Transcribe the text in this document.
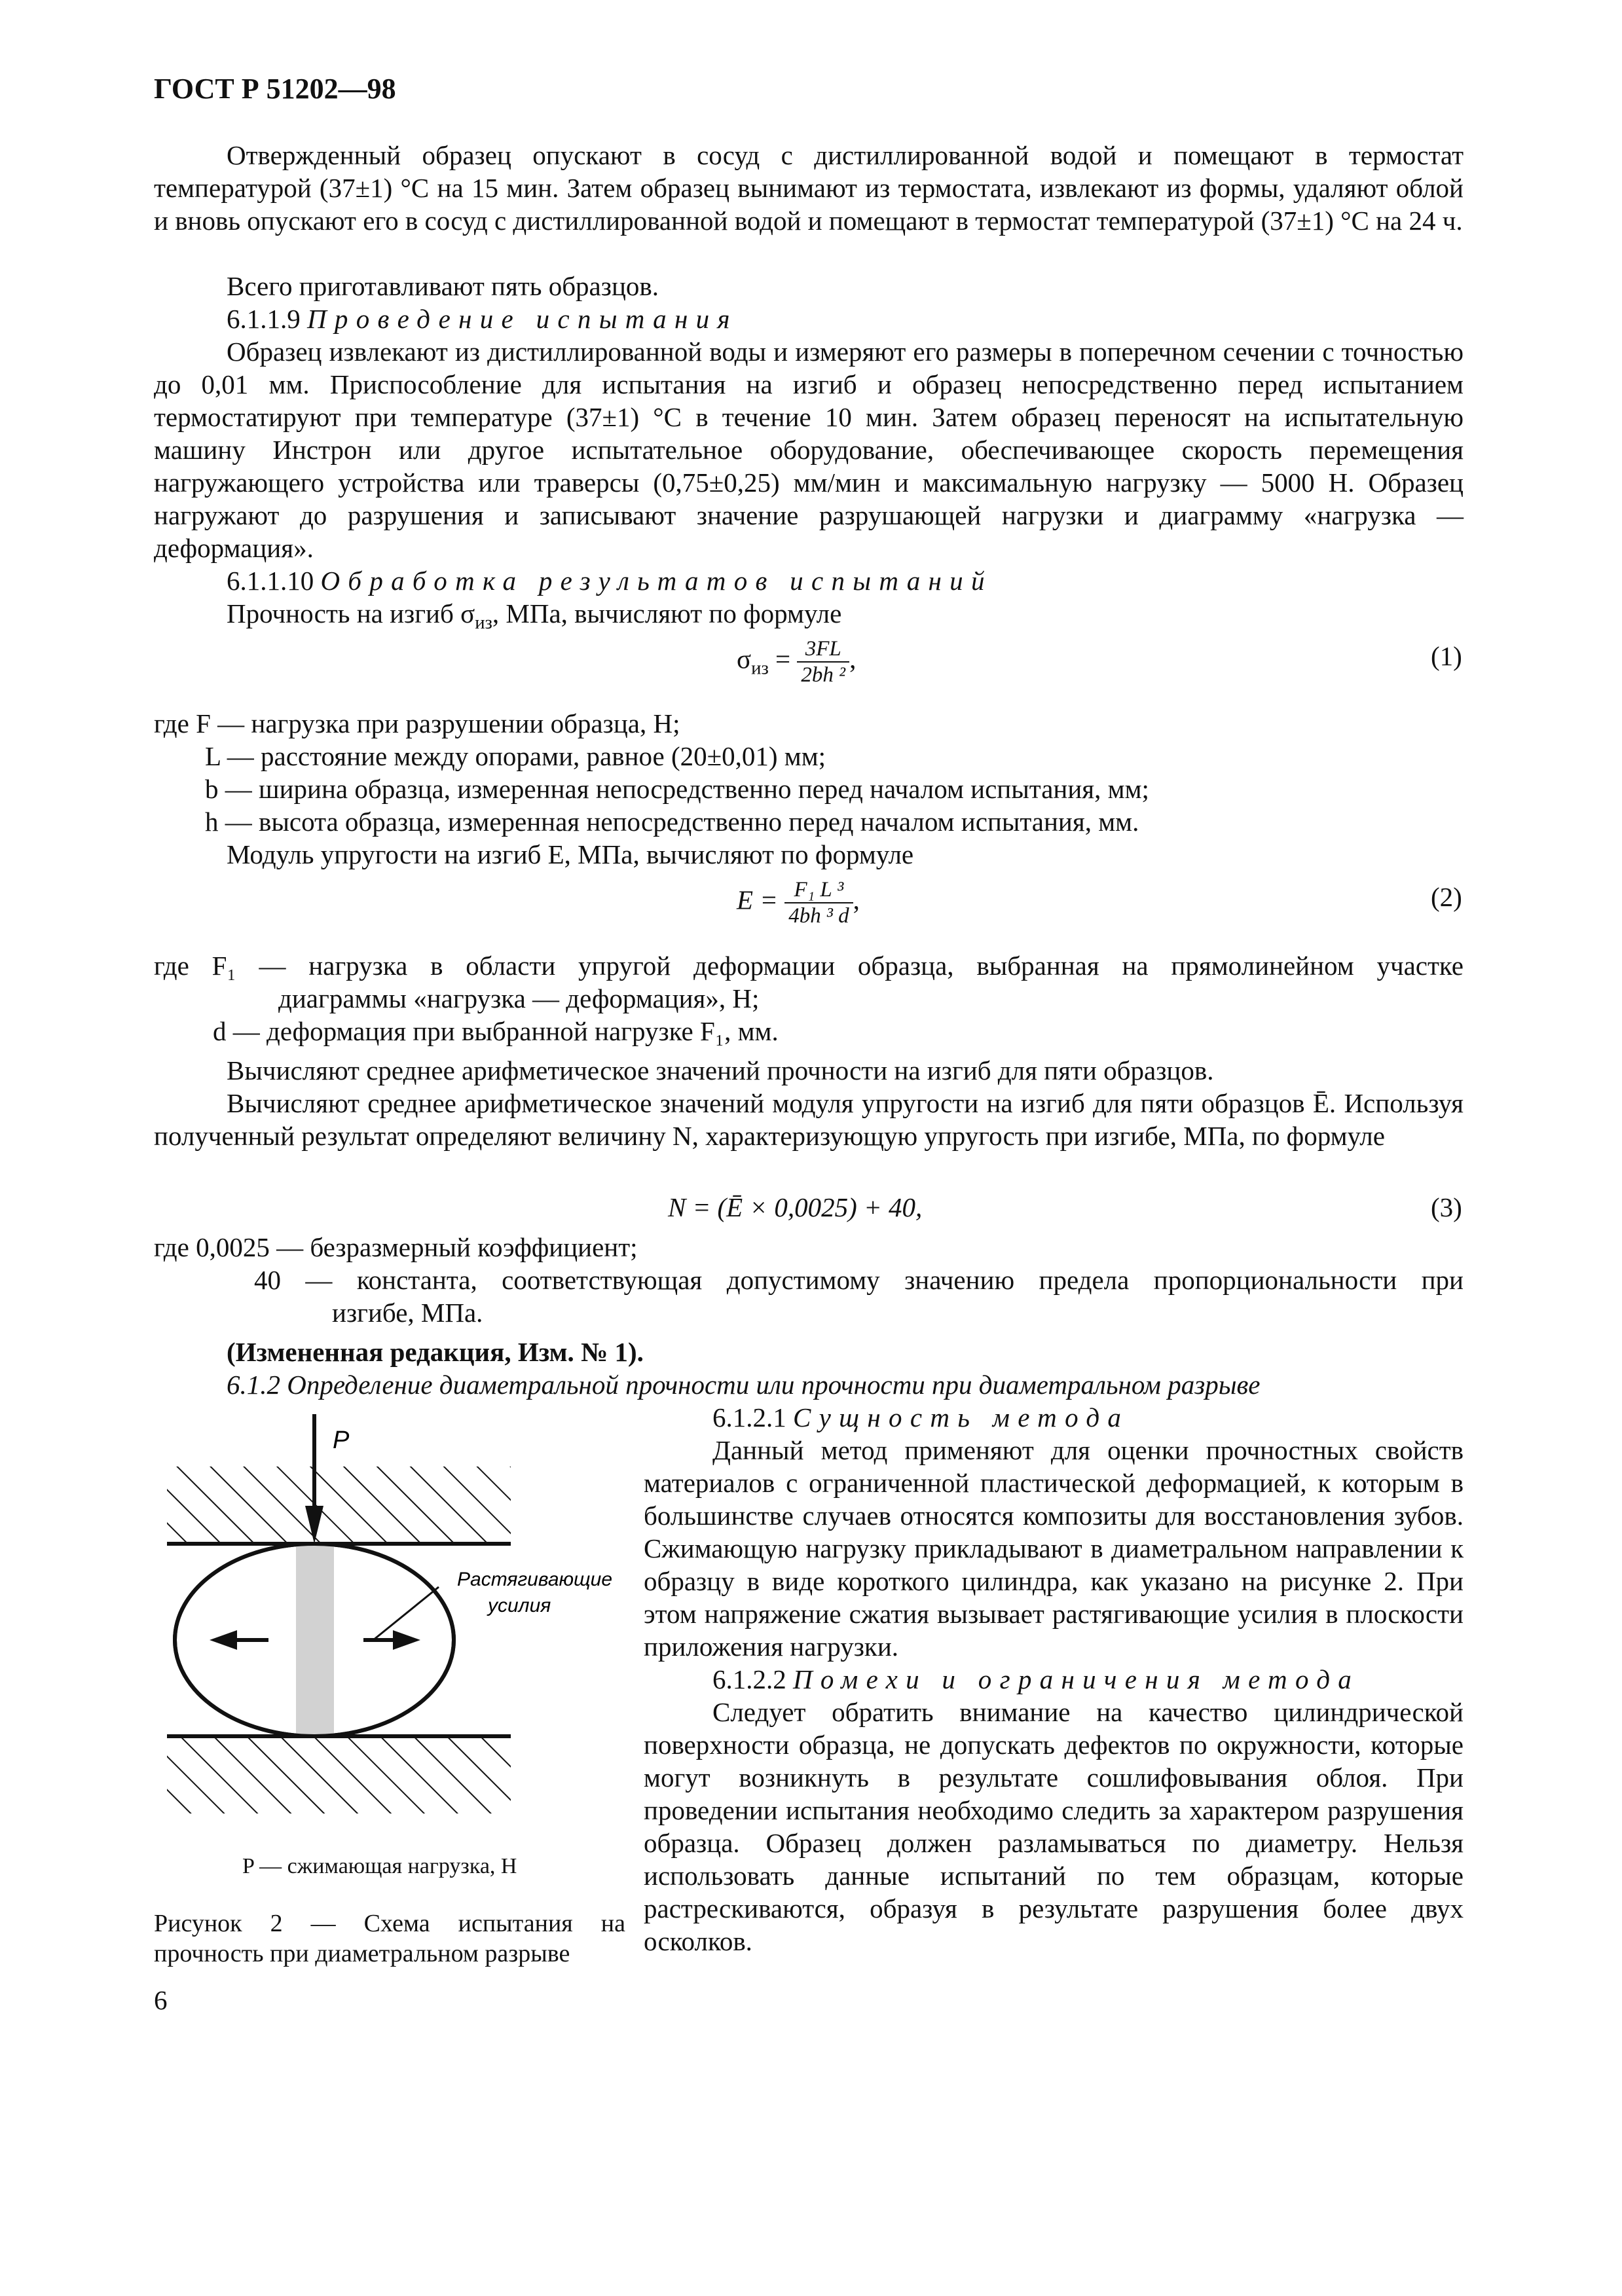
ГОСТ Р 51202—98
Отвержденный образец опускают в сосуд с дистиллированной водой и помещают в термостат температурой (37±1) °С на 15 мин. Затем образец вынимают из термостата, извлекают из формы, удаляют облой и вновь опускают его в сосуд с дистиллированной водой и помещают в термостат температурой (37±1) °С на 24 ч.
Всего приготавливают пять образцов.
6.1.1.9 Проведение испытания
Образец извлекают из дистиллированной воды и измеряют его размеры в поперечном сечении с точностью до 0,01 мм. Приспособление для испытания на изгиб и образец непосредственно перед испытанием термостатируют при температуре (37±1) °С в течение 10 мин. Затем образец переносят на испытательную машину Инстрон или другое испытательное оборудование, обеспечивающее скорость перемещения нагружающего устройства или траверсы (0,75±0,25) мм/мин и максимальную нагрузку — 5000 Н. Образец нагружают до разрушения и записывают значение разрушающей нагрузки и диаграмму «нагрузка — деформация».
6.1.1.10 Обработка результатов испытаний
Прочность на изгиб $\sigma_{из}$, МПа, вычисляют по формуле
$\sigma_{из} = \frac{3FL}{\text{2bh ²}}$ ,	(1)
где F — нагрузка при разрушении образца, Н;
L — расстояние между опорами, равное (20±0,01) мм;
b — ширина образца, измеренная непосредственно перед началом испытания, мм;
h — высота образца, измеренная непосредственно перед началом испытания, мм.
Модуль упругости на изгиб E, МПа, вычисляют по формуле
$E = \frac{\text{F₁ L ³}}{\text{4bh ³ d}}$ ,	(2)
где F₁ — нагрузка в области упругой деформации образца, выбранная на прямолинейном участке
диаграммы «нагрузка — деформация», Н;
d — деформация при выбранной нагрузке F₁, мм.
Вычисляют среднее арифметическое значений прочности на изгиб для пяти образцов.
Вычисляют среднее арифметическое значений модуля упругости на изгиб для пяти образцов Ē. Используя полученный результат определяют величину N, характеризующую упругость при изгибе, МПа, по формуле
N = (Ē × 0,0025) + 40,	(3)
где 0,0025 — безразмерный коэффициент;
40 — константа, соответствующая допустимому значению предела пропорциональности при
изгибе, МПа.
(Измененная редакция, Изм. № 1).
6.1.2 Определение диаметральной прочности или прочности при диаметральном разрыве
6.1.2.1 Сущность метода
Данный метод применяют для оценки прочностных свойств материалов с ограниченной пластической деформацией, к которым в большинстве случаев относятся композиты для восстановления зубов. Сжимающую нагрузку прикладывают в диаметральном направлении к образцу в виде короткого цилиндра, как указано на рисунке 2. При этом напряжение сжатия вызывает растягивающие усилия в плоскости приложения нагрузки.
6.1.2.2 Помехи и ограничения метода
Следует обратить внимание на качество цилиндрической поверхности образца, не допускать дефектов по окружности, которые могут возникнуть в результате сошлифовывания облоя. При проведении испытания необходимо следить за характером разрушения образца. Образец должен разламываться по диаметру. Нельзя использовать данные испытаний по тем образцам, которые растрескиваются, образуя в результате разрушения более двух осколков.
P
Растягивающие
усилия
P — сжимающая нагрузка, Н
Рисунок 2 — Схема испытания на прочность при диаметральном разрыве
6
